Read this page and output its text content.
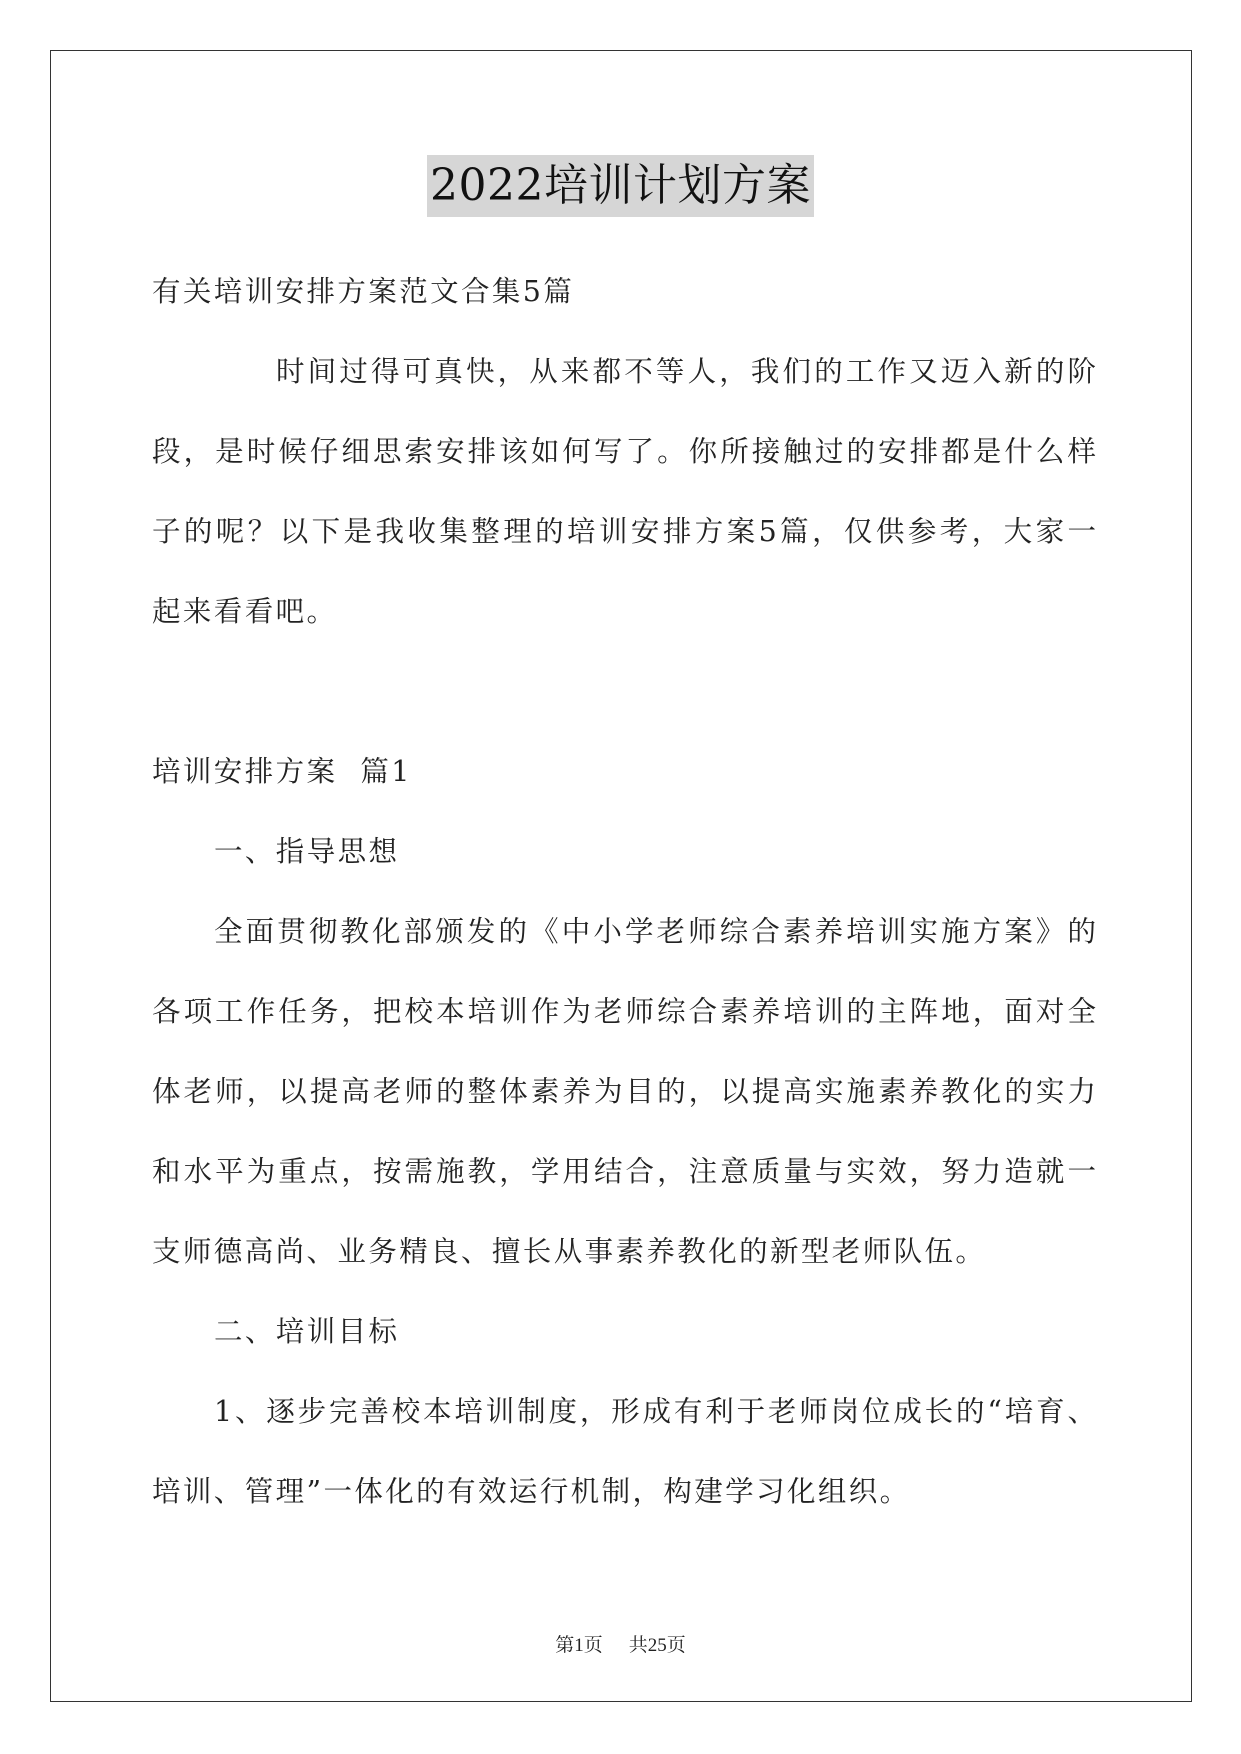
2022培训计划方案
有关培训安排方案范文合集5篇
时间过得可真快，从来都不等人，我们的工作又迈入新的阶
段，是时候仔细思索安排该如何写了。你所接触过的安排都是什么样
子的呢？以下是我收集整理的培训安排方案5篇，仅供参考，大家一
起来看看吧。
培训安排方案  篇1
一、指导思想
全面贯彻教化部颁发的《中小学老师综合素养培训实施方案》的
各项工作任务，把校本培训作为老师综合素养培训的主阵地，面对全
体老师，以提高老师的整体素养为目的，以提高实施素养教化的实力
和水平为重点，按需施教，学用结合，注意质量与实效，努力造就一
支师德高尚、业务精良、擅长从事素养教化的新型老师队伍。
二、培训目标
1、逐步完善校本培训制度，形成有利于老师岗位成长的“培育、
培训、管理”一体化的有效运行机制，构建学习化组织。
第1页 共25页
